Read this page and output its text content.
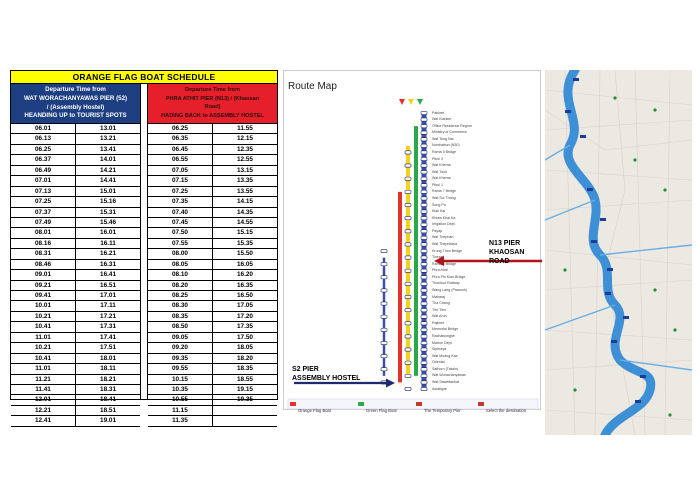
ORANGE FLAG BOAT SCHEDULE
Departure Time from
WAT WORACHANYAWAS PIER (52)
/ (Assembly Hostel)
HEANDING UP to TOURIST SPOTS
06.01	13.01
06.13	13.21
06.25	13.41
06.37	14.01
06.49	14.21
07.01	14.41
07.13	15.01
07.25	15.16
07.37	15.31
07.49	15.46
08.01	16.01
08.16	16.11
08.31	16.21
08.46	16.31
09.01	16.41
09.21	16.51
09.41	17.01
10.01	17.11
10.21	17.21
10.41	17.31
11.01	17.41
10.21	17.51
10.41	18.01
11.01	18.11
11.21	18.21
11.41	18.31
12.01	18.41
12.21	18.51
12.41	19.01
Departure Time from
PHRA ATHIT PIER (N13) / (Khaosan
Road)
HADING BACK to ASSEMBLY HOSTEL
06.25	11.55
06.35	12.15
06.45	12.35
06.55	12.55
07.05	13.15
07.15	13.35
07.25	13.55
07.35	14.15
07.40	14.35
07.45	14.55
07.50	15.15
07.55	15.35
08.00	15.50
08.05	16.05
08.10	16.20
08.20	16.35
08.25	16.50
08.30	17.05
08.35	17.20
08.50	17.35
09.05	17.50
09.20	18.05
09.35	18.20
09.55	18.35
10.15	18.55
10.35	19.15
10.55	19.35
11.15
11.35
Route Map
Pakkret
Wat Kianket
Office Residence Region
Ministry of Commerce
Wat Tong Nai
Nonthaburi (N30)
Rama 5 Bridge
Pibul 3
Wat Khema
Wat Tuek
Wat Khema
Pibul 1
Rama 7 Bridge
Wat Soi Thong
Song Pu
Kiak Kai
Khiaw Khai Ka
Irrigation Dept.
Payap
Wat Thepnari
Wat Thepnitasa
Krung Thon Bridge
Thewet
Rama 8 Bridge
Phra Athit
Phra Pin Klao Bridge
Thonburi Railway
Wang Lang (Prannok)
Maharaj
Tha Chang
The Tien
Wat Arun
Rajinee
Memorial Bridge
Rachawongse
Marine Dept.
Siphraya
Wat Muang Kae
Oriental
Sathorn (Taksin)
Wat Worachanyawas
Wat Sawettachat
Asiatique
N13 PIER
KHAOSAN ROAD
S2 PIER
ASSEMBLY HOSTEL
Orange Flag Boat	Green Flag Boat	The Temporary Pier	Select the destination
